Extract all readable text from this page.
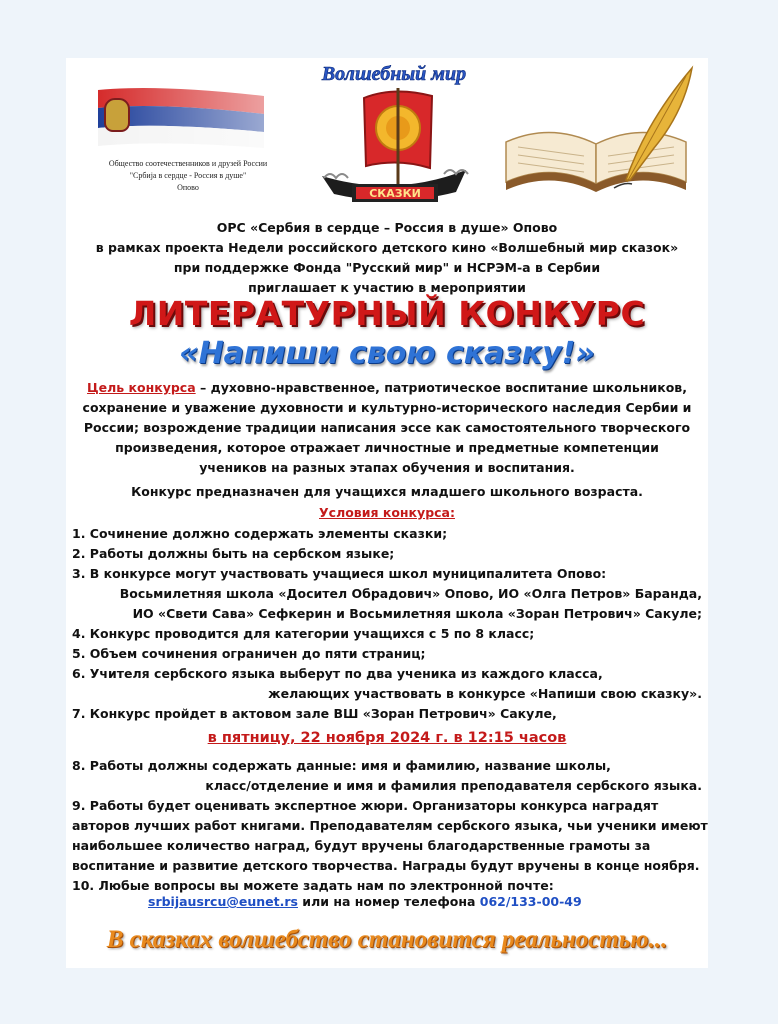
Общество соотечественников и друзей России
"Србија в сердце - Россия в душе"
Опово
Волшебный мир
СКАЗКИ
ОРС «Сербия в сердце – Россия в душе» Опово
в рамках проекта Недели российского детского кино «Волшебный мир сказок»
при поддержке Фонда "Русский мир" и НСРЭМ-а в Сербии
приглашает к участию в мероприятии
ЛИТЕРАТУРНЫЙ КОНКУРС
«Напиши свою сказку!»
Цель конкурса – духовно-нравственное, патриотическое воспитание школьников,
сохранение и уважение духовности и культурно-исторического наследия Сербии и
России; возрождение традиции написания эссе как самостоятельного творческого
произведения, которое отражает личностные и предметные компетенции
учеников на разных этапах обучения и воспитания.
Конкурс предназначен для учащихся младшего школьного возраста.
Условия конкурса:
1. Сочинение должно содержать элементы сказки;
2. Работы должны быть на сербском языке;
3. В конкурсе могут участвовать учащиеся школ муниципалитета Опово:
Восьмилетняя школа «Досител Обрадович» Опово, ИО «Олга Петров» Баранда,
ИО «Свети Сава» Сефкерин и Восьмилетняя школа «Зоран Петрович» Сакуле;
4. Конкурс проводится для категории учащихся с 5 по 8 класс;
5. Объем сочинения ограничен до пяти страниц;
6. Учителя сербского языка выберут по два ученика из каждого класса,
желающих участвовать в конкурсе «Напиши свою сказку».
7. Конкурс пройдет в актовом зале ВШ «Зоран Петрович» Сакуле,
в пятницу, 22 ноября 2024 г. в 12:15 часов
8. Работы должны содержать данные: имя и фамилию, название школы,
класс/отделение и имя и фамилия преподавателя сербского языка.
9. Работы будет оценивать экспертное жюри. Организаторы конкурса наградят
авторов лучших работ книгами. Преподавателям сербского языка, чьи ученики имеют
наибольшее количество наград, будут вручены благодарственные грамоты за
воспитание и развитие детского творчества. Награды будут вручены в конце ноября.
10. Любые вопросы вы можете задать нам по электронной почте:
srbijausrcu@eunet.rs или на номер телефона 062/133-00-49
В сказках волшебство становится реальностью...
